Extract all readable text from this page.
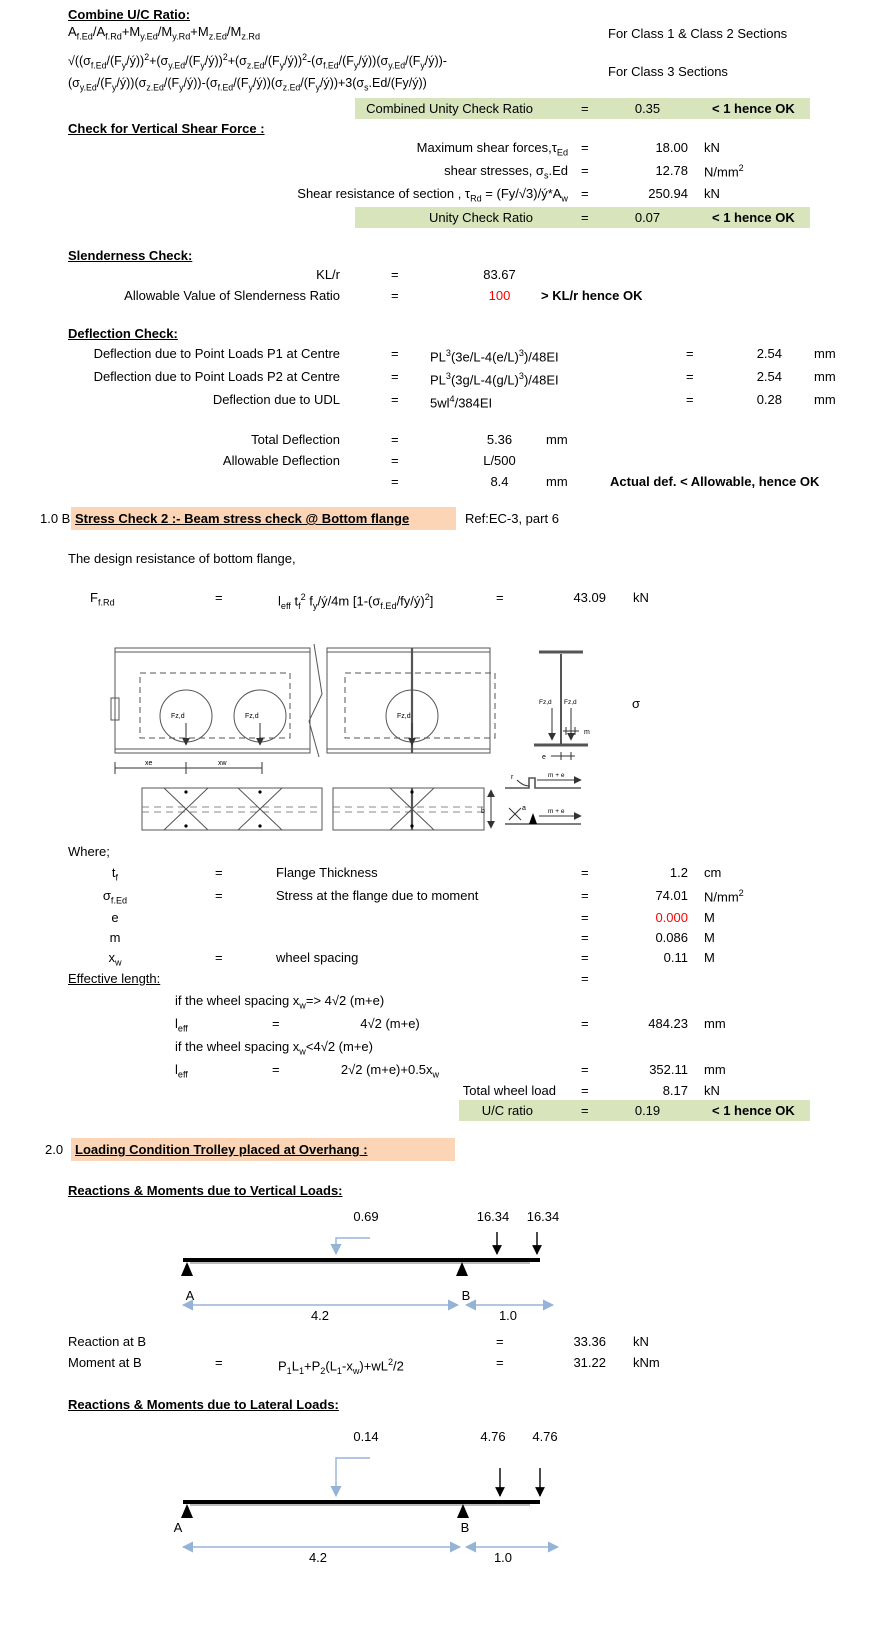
Combine U/C Ratio:
$A_{f.Ed}/A_{f.Rd}+M_{y.Ed}/M_{y.Rd}+M_{z.Ed}/M_{z.Rd}$	For Class 1 & Class 2 Sections
$√((\sigma_{f.Ed}/(F_y/ý))^2+(\sigma_{y.Ed}/(F_y/ý))^2+(\sigma_{z.Ed}/(F_y/ý))^2-(\sigma_{f.Ed}/(F_y/ý))(\sigma_{y.Ed}/(F_y/ý))-$
$(\sigma_{y.Ed}/(F_y/ý))(\sigma_{z.Ed}/(F_y/ý))-(\sigma_{f.Ed}/(F_y/ý))(\sigma_{z.Ed}/(F_y/ý))+3(\sigma_s.Ed/(Fy/ý))$
For Class 3 Sections
Combined Unity Check Ratio	=	0.35	< 1 hence OK
Check for Vertical Shear Force :
Maximum shear $forces,\tau_{Ed}$ =	18.00 kN
shear stresses, $\sigma_s.Ed$ =	12.78 $N/mm^2$
Shear resistance of section , $\tau_{Rd}$ = $(Fy/√3)/ý*A_w$ =	250.94 kN
Unity Check Ratio	=	0.07	< 1 hence OK
Slenderness Check:
KL/r	=	83.67
Allowable Value of Slenderness Ratio	=	100	> KL/r hence OK
Deflection Check:
Deflection due to Point Loads P1 at Centre	= $PL^3(3e/L-4(e/L)^3)/48EI$	=	2.54 mm
Deflection due to Point Loads P2 at Centre	= $PL^3(3g/L-4(g/L)^3)/48EI$	=	2.54 mm
Deflection due to UDL	= $5wl^4/384EI$	=	0.28 mm
Total Deflection	=	5.36	mm
Allowable Deflection	=	L/500
=	8.4	mm	Actual def. < Allowable, hence OK
1.0 B Stress Check 2 :- Beam stress check @ Bottom flange	Ref:EC-3, part 6
The design resistance of bottom flange,
$F_{f.Rd}$	=	$l_{eff}$ $t_f^2$ $f_y/ý/4m$ $[1-(\sigma_{f.Ed}/fy/ý)^2]$	=	43.09 kN
Fz,d	Fz,d	Fz,d
xe	xw
Fz,d Fz,d
m
e
r	m + e
a	m + e
b
σ
Where;
$t_f$	=	Flange Thickness	=	1.2 cm
$\sigma_{f.Ed}$	=	Stress at the flange due to moment	=	74.01 $N/mm^2$
e	=	0.000 M
m	=	0.086 M
$x_w$	=	wheel spacing	=	0.11 M
Effective length:	=
if the wheel spacing $x_w=> 4√2$ (m+e)
$l_{eff}$	=	4√2 (m+e)	=	484.23 mm
if the wheel spacing $x_w<4√2$ (m+e)
$l_{eff}$	=	2√2 $(m+e)+0.5x_w$	=	352.11 mm
Total wheel load =	8.17 kN
U/C ratio	=	0.19	< 1 hence OK
2.0 Loading Condition Trolley placed at Overhang :
Reactions & Moments due to Vertical Loads:
0.69	16.34 16.34
A	B
4.2	1.0
Reaction at B	=	33.36 kN
Moment at B	=	$P_1L_1+P_2(L_1-x_w)+wL^2/2$	=	31.22 kNm
Reactions & Moments due to Lateral Loads:
0.14	4.76 4.76
A	B
4.2	1.0
